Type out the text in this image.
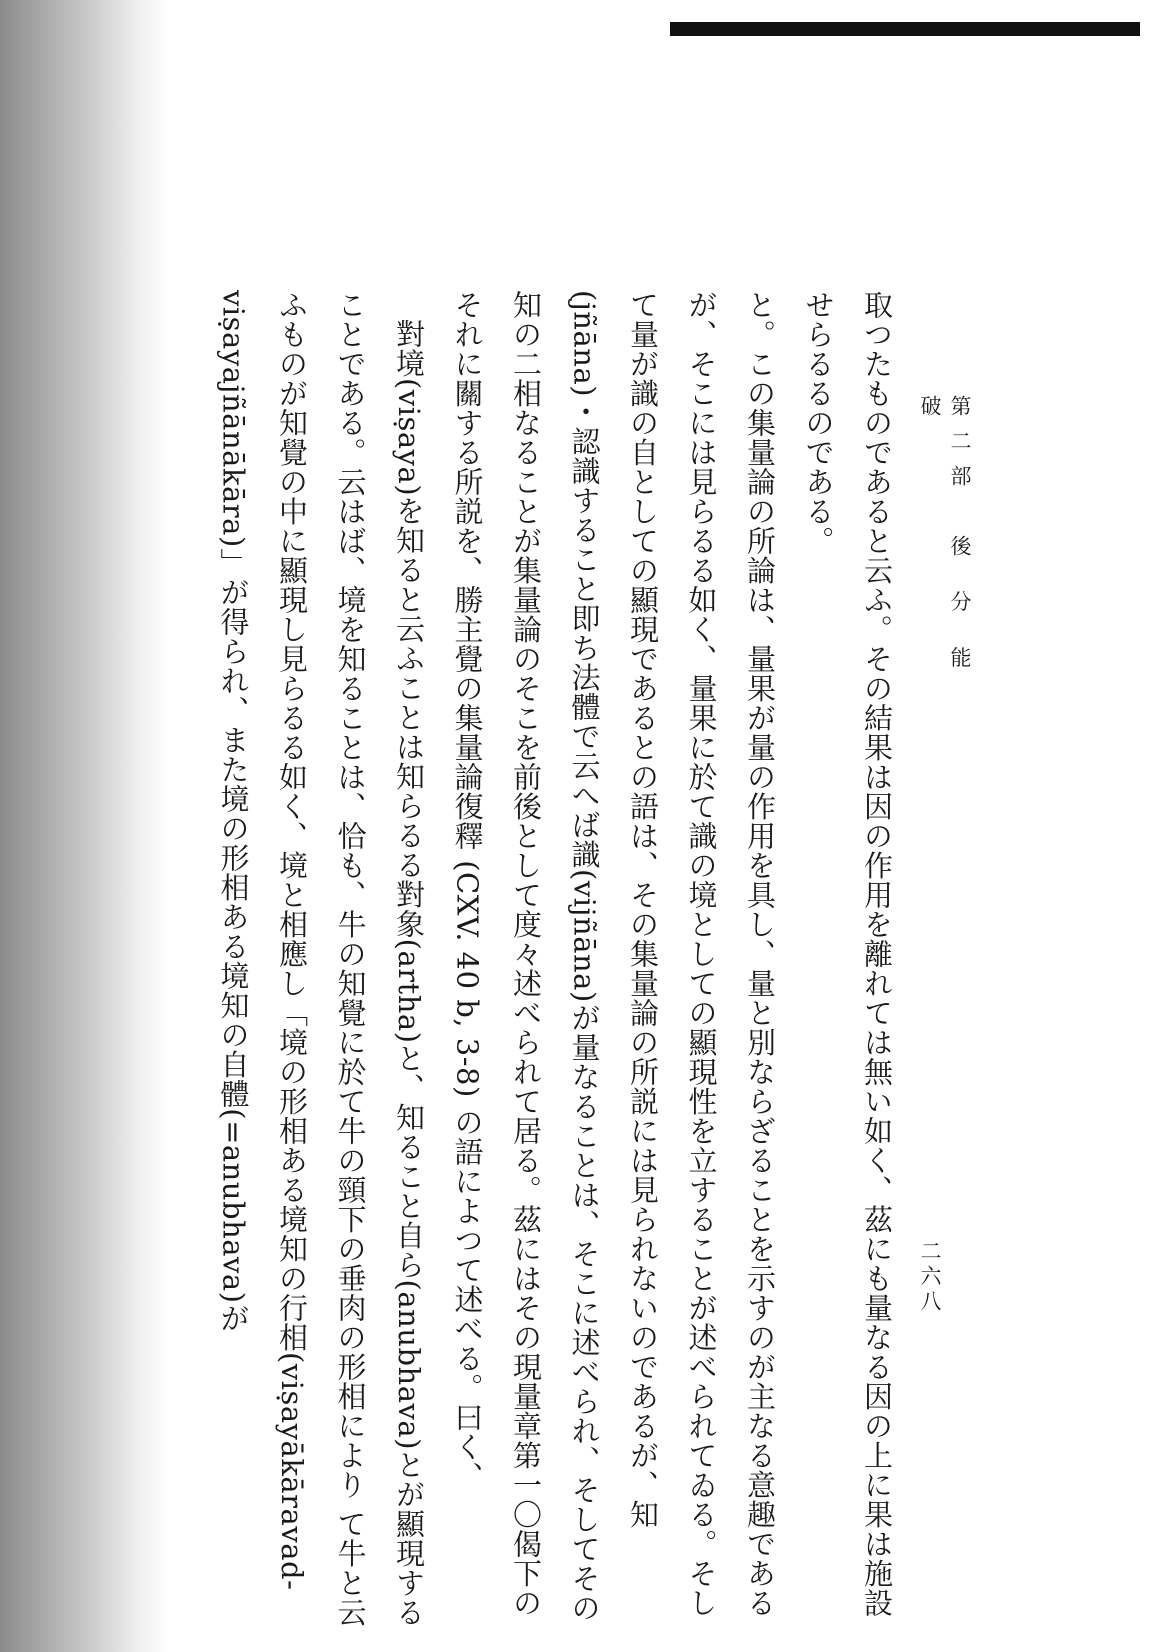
第二部　後 分 能 破
二六八

取つたものであると云ふ。その結果は因の作用を離れては無い如く、茲にも量なる因の上に果は施設せらるるのである。

と。この集量論の所論は、量果が量の作用を具し、量と別ならざることを示すのが主なる意趣であるが、そこには見らるる如く、量果に於て識の境としての顯現性を立することが述べられてゐる。そして量が識の自としての顯現であるとの語は、その集量論の所説には見られないのであるが、知(jñāna)・認識すること即ち法體で云へば識(vijñāna)が量なることは、そこに述べられ、そしてその知の二相なることが集量論のそこを前後として度々述べられて居る。茲にはその現量章第一〇偈下のそれに關する所説を、勝主覺の集量論復釋 (CXV. 40 b, 3-8) の語によつて述べる。曰く、

對境(viṣaya)を知ると云ふことは知らるる對象(artha)と、知ること自ら(anubhava)とが顯現することである。云はば、境を知ることは、恰も、牛の知覺に於て牛の頸下の垂肉の形相により て牛と云ふものが知覺の中に顯現し見らるる如く、境と相應し「境の形相ある境知の行相(viṣayākāravad-viṣayajñānākāra)」が得られ、また境の形相ある境知の自體(=anubhava)が
